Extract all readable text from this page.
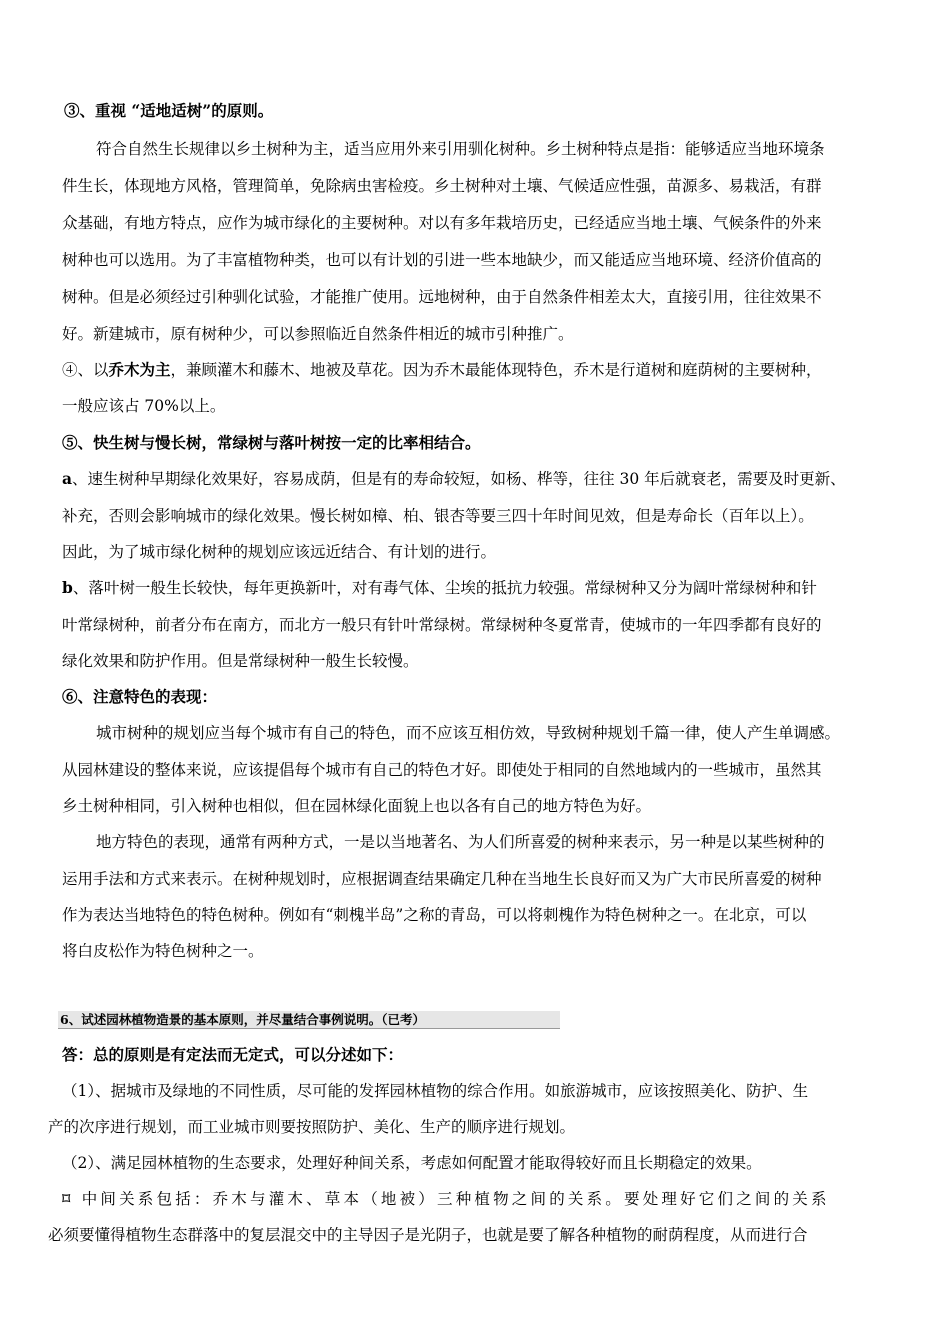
③、重视 “适地适树”的原则。
符合自然生长规律以乡土树种为主，适当应用外来引用驯化树种。乡土树种特点是指：能够适应当地环境条
件生长，体现地方风格，管理简单，免除病虫害检疫。乡土树种对土壤、气候适应性强，苗源多、易栽活，有群
众基础，有地方特点，应作为城市绿化的主要树种。对以有多年栽培历史，已经适应当地土壤、气候条件的外来
树种也可以选用。为了丰富植物种类，也可以有计划的引进一些本地缺少，而又能适应当地环境、经济价值高的
树种。但是必须经过引种驯化试验，才能推广使用。远地树种，由于自然条件相差太大，直接引用，往往效果不
好。新建城市，原有树种少，可以参照临近自然条件相近的城市引种推广。
④、以乔木为主，兼顾灌木和藤木、地被及草花。因为乔木最能体现特色，乔木是行道树和庭荫树的主要树种，
一般应该占 70%以上。
⑤、快生树与慢长树，常绿树与落叶树按一定的比率相结合。
a、速生树种早期绿化效果好，容易成荫，但是有的寿命较短，如杨、桦等，往往 30 年后就衰老，需要及时更新、
补充，否则会影响城市的绿化效果。慢长树如樟、柏、银杏等要三四十年时间见效，但是寿命长（百年以上）。
因此，为了城市绿化树种的规划应该远近结合、有计划的进行。
b、落叶树一般生长较快，每年更换新叶，对有毒气体、尘埃的抵抗力较强。常绿树种又分为阔叶常绿树种和针
叶常绿树种，前者分布在南方，而北方一般只有针叶常绿树。常绿树种冬夏常青，使城市的一年四季都有良好的
绿化效果和防护作用。但是常绿树种一般生长较慢。
⑥、注意特色的表现：
城市树种的规划应当每个城市有自己的特色，而不应该互相仿效，导致树种规划千篇一律，使人产生单调感。
从园林建设的整体来说，应该提倡每个城市有自己的特色才好。即使处于相同的自然地域内的一些城市，虽然其
乡土树种相同，引入树种也相似，但在园林绿化面貌上也以各有自己的地方特色为好。
地方特色的表现，通常有两种方式，一是以当地著名、为人们所喜爱的树种来表示，另一种是以某些树种的
运用手法和方式来表示。在树种规划时，应根据调查结果确定几种在当地生长良好而又为广大市民所喜爱的树种
作为表达当地特色的特色树种。例如有“刺槐半岛”之称的青岛，可以将刺槐作为特色树种之一。在北京，可以
将白皮松作为特色树种之一。
6、试述园林植物造景的基本原则，并尽量结合事例说明。（已考）
答：总的原则是有定法而无定式，可以分述如下：
（1）、据城市及绿地的不同性质，尽可能的发挥园林植物的综合作用。如旅游城市，应该按照美化、防护、生
产的次序进行规划，而工业城市则要按照防护、美化、生产的顺序进行规划。
（2）、满足园林植物的生态要求，处理好种间关系，考虑如何配置才能取得较好而且长期稳定的效果。
⌑ 中间关系包括：乔木与灌木、草本（地被）三种植物之间的关系。要处理好它们之间的关系
必须要懂得植物生态群落中的复层混交中的主导因子是光阴子，也就是要了解各种植物的耐荫程度，从而进行合
